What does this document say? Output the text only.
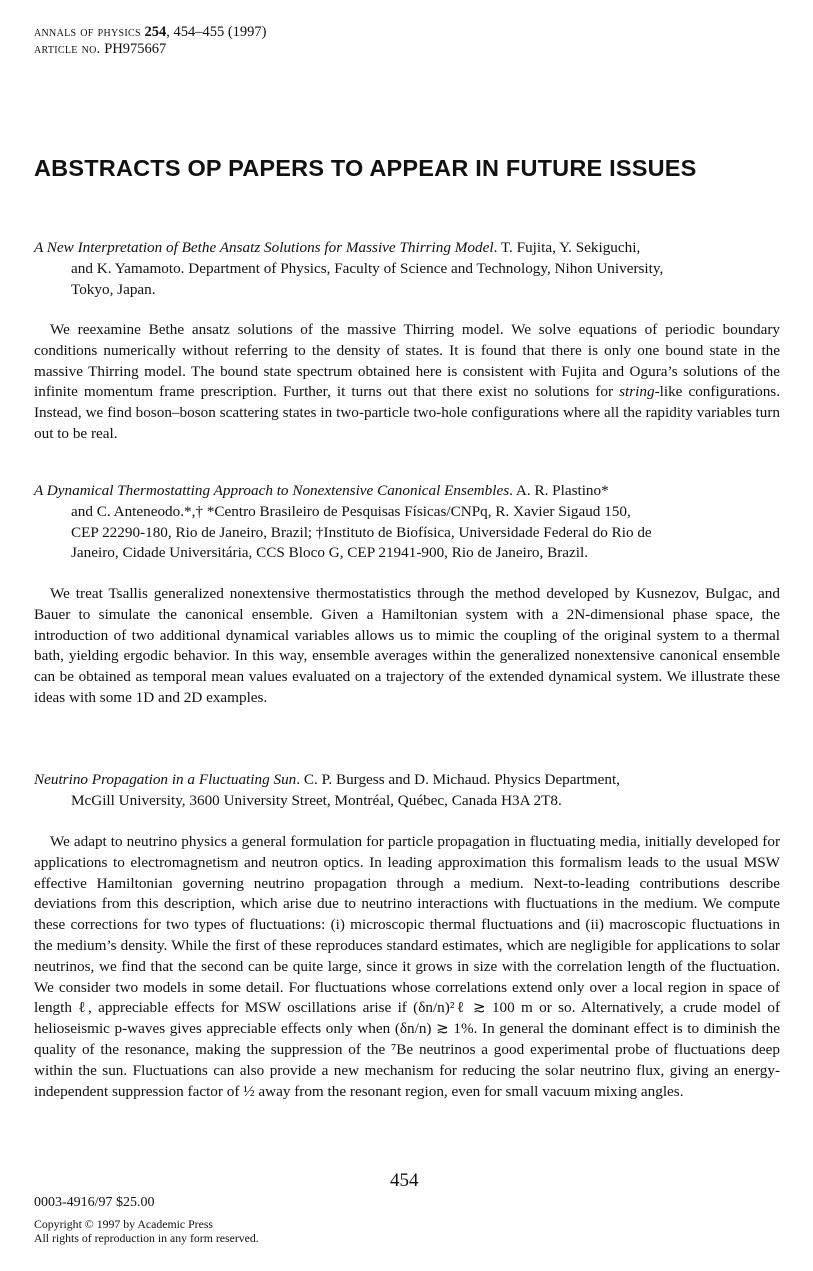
annals of physics 254, 454–455 (1997)
article no. PH975667
ABSTRACTS OP PAPERS TO APPEAR IN FUTURE ISSUES
A New Interpretation of Bethe Ansatz Solutions for Massive Thirring Model. T. Fujita, Y. Sekiguchi,
and K. Yamamoto. Department of Physics, Faculty of Science and Technology, Nihon University,
Tokyo, Japan.

We reexamine Bethe ansatz solutions of the massive Thirring model. We solve equations of periodic boundary conditions numerically without referring to the density of states. It is found that there is only one bound state in the massive Thirring model. The bound state spectrum obtained here is consistent with Fujita and Ogura’s solutions of the infinite momentum frame prescription. Further, it turns out that there exist no solutions for string-like configurations. Instead, we find boson–boson scattering states in two-particle two-hole configurations where all the rapidity variables turn out to be real.

A Dynamical Thermostatting Approach to Nonextensive Canonical Ensembles. A. R. Plastino*
and C. Anteneodo.*,† *Centro Brasileiro de Pesquisas Físicas/CNPq, R. Xavier Sigaud 150,
CEP 22290-180, Rio de Janeiro, Brazil; †Instituto de Biofísica, Universidade Federal do Rio de
Janeiro, Cidade Universitária, CCS Bloco G, CEP 21941-900, Rio de Janeiro, Brazil.

We treat Tsallis generalized nonextensive thermostatistics through the method developed by Kusnezov, Bulgac, and Bauer to simulate the canonical ensemble. Given a Hamiltonian system with a 2N-dimensional phase space, the introduction of two additional dynamical variables allows us to mimic the coupling of the original system to a thermal bath, yielding ergodic behavior. In this way, ensemble averages within the generalized nonextensive canonical ensemble can be obtained as temporal mean values evaluated on a trajectory of the extended dynamical system. We illustrate these ideas with some 1D and 2D examples.

Neutrino Propagation in a Fluctuating Sun. C. P. Burgess and D. Michaud. Physics Department,
McGill University, 3600 University Street, Montréal, Québec, Canada H3A 2T8.

We adapt to neutrino physics a general formulation for particle propagation in fluctuating media, initially developed for applications to electromagnetism and neutron optics. In leading approximation this formalism leads to the usual MSW effective Hamiltonian governing neutrino propagation through a medium. Next-to-leading contributions describe deviations from this description, which arise due to neutrino interactions with fluctuations in the medium. We compute these corrections for two types of fluctuations: (i) microscopic thermal fluctuations and (ii) macroscopic fluctuations in the medium’s density. While the first of these reproduces standard estimates, which are negligible for applications to solar neutrinos, we find that the second can be quite large, since it grows in size with the correlation length of the fluctuation. We consider two models in some detail. For fluctuations whose correlations extend only over a local region in space of length ℓ, appreciable effects for MSW oscillations arise if (δn/n)²ℓ ≳ 100 m or so. Alternatively, a crude model of helioseismic p-waves gives appreciable effects only when (δn/n) ≳ 1%. In general the dominant effect is to diminish the quality of the resonance, making the suppression of the ⁷Be neutrinos a good experimental probe of fluctuations deep within the sun. Fluctuations can also provide a new mechanism for reducing the solar neutrino flux, giving an energy-independent suppression factor of ½ away from the resonant region, even for small vacuum mixing angles.

454
0003-4916/97 $25.00
Copyright © 1997 by Academic Press
All rights of reproduction in any form reserved.
